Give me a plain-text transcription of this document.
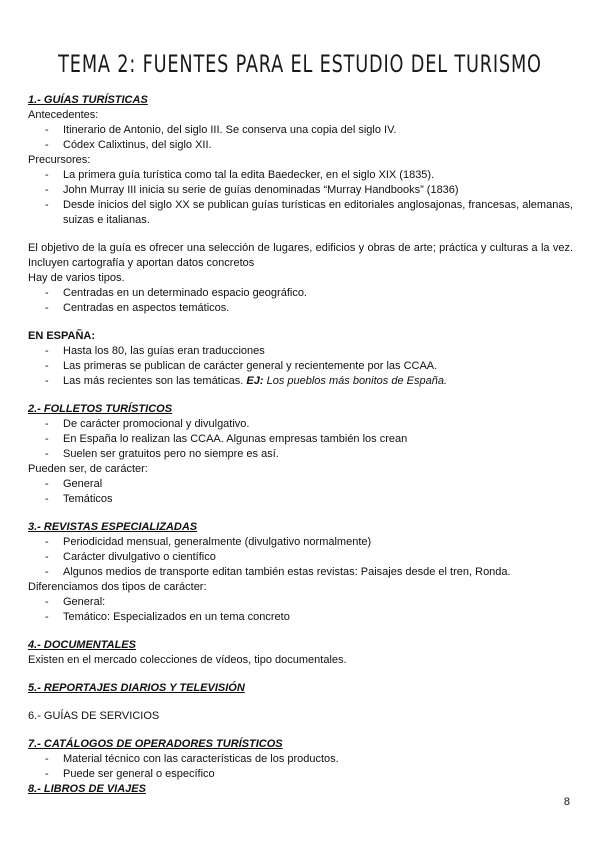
TEMA 2: FUENTES PARA EL ESTUDIO DEL TURISMO

1.- GUÍAS TURÍSTICAS

Antecedentes:

- Itinerario de Antonio, del siglo III. Se conserva una copia del siglo IV.
- Códex Calixtinus, del siglo XII.

Precursores:

- La primera guía turística como tal la edita Baedecker, en el siglo XIX (1835).
- John Murray III inicia su serie de guías denominadas “Murray Handbooks” (1836)
- Desde inicios del siglo XX se publican guías turísticas en editoriales anglosajonas, francesas, alemanas, suizas e italianas.

El objetivo de la guía es ofrecer una selección de lugares, edificios y obras de arte; práctica y culturas a la vez. Incluyen cartografía y aportan datos concretos

Hay de varios tipos.

- Centradas en un determinado espacio geográfico.
- Centradas en aspectos temáticos.

EN ESPAÑA:

- Hasta los 80, las guías eran traducciones
- Las primeras se publican de carácter general y recientemente por las CCAA.
- Las más recientes son las temáticas. EJ: Los pueblos más bonitos de España.

2.- FOLLETOS TURÍSTICOS

- De carácter promocional y divulgativo.
- En España lo realizan las CCAA. Algunas empresas también los crean
- Suelen ser gratuitos pero no siempre es así.

Pueden ser, de carácter:

- General
- Temáticos

3.- REVISTAS ESPECIALIZADAS

- Periodicidad mensual, generalmente (divulgativo normalmente)
- Carácter divulgativo o científico
- Algunos medios de transporte editan también estas revistas: Paisajes desde el tren, Ronda.

Diferenciamos dos tipos de carácter:

- General:
- Temático: Especializados en un tema concreto

4.- DOCUMENTALES

Existen en el mercado colecciones de vídeos, tipo documentales.

5.- REPORTAJES DIARIOS Y TELEVISIÓN

6.- GUÍAS DE SERVICIOS

7.- CATÁLOGOS DE OPERADORES TURÍSTICOS

- Material técnico con las características de los productos.
- Puede ser general o específico

8.- LIBROS DE VIAJES

8
